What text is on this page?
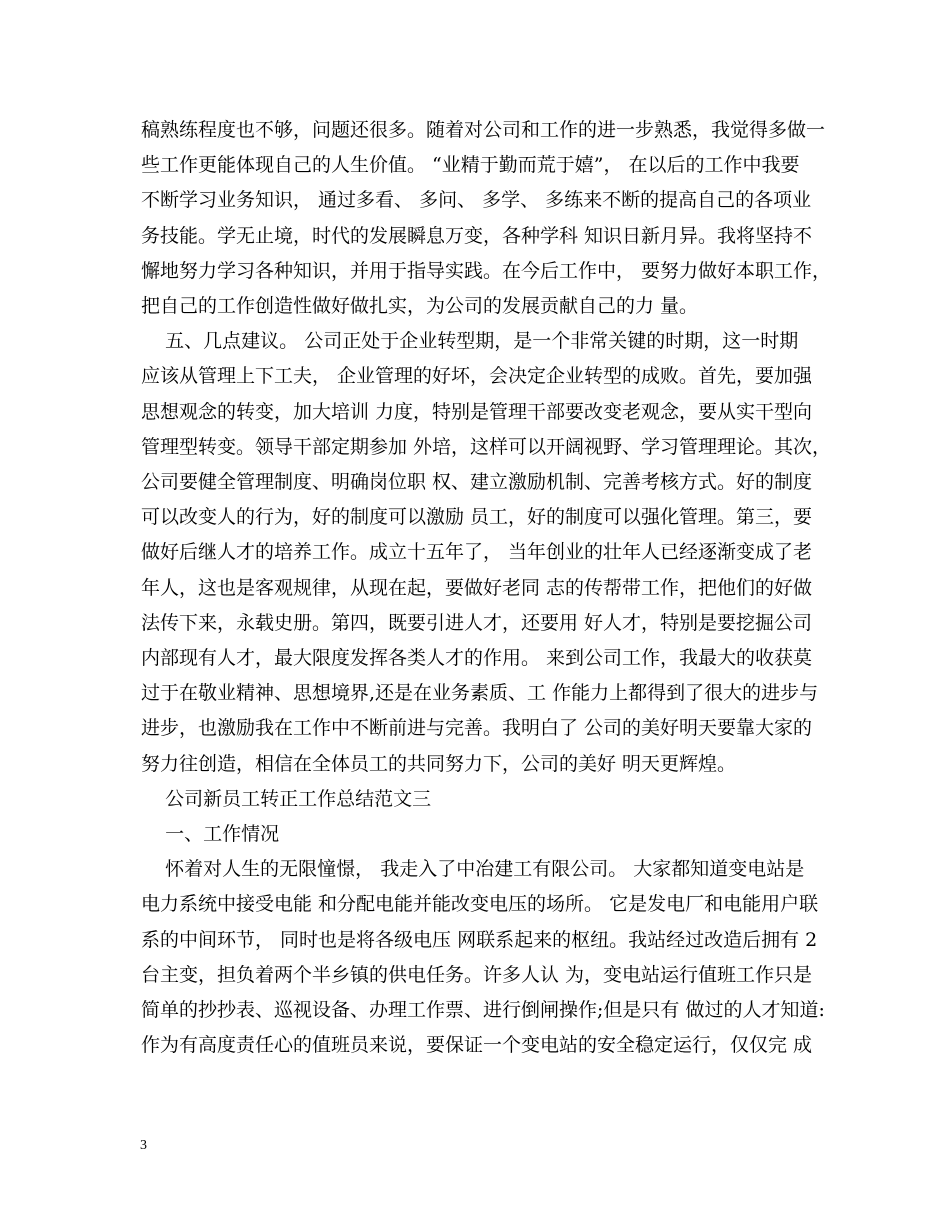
稿熟练程度也不够，问题还很多。随着对公司和工作的进一步熟悉，我觉得多做一
些工作更能体现自己的人生价值。 “业精于勤而荒于嬉”， 在以后的工作中我要
不断学习业务知识， 通过多看、 多问、 多学、 多练来不断的提高自己的各项业
务技能。学无止境，时代的发展瞬息万变，各种学科 知识日新月异。我将坚持不
懈地努力学习各种知识，并用于指导实践。在今后工作中， 要努力做好本职工作，
把自己的工作创造性做好做扎实，为公司的发展贡献自己的力 量。
五、几点建议。 公司正处于企业转型期，是一个非常关键的时期，这一时期
应该从管理上下工夫， 企业管理的好坏，会决定企业转型的成败。首先，要加强
思想观念的转变，加大培训 力度，特别是管理干部要改变老观念，要从实干型向
管理型转变。领导干部定期参加 外培，这样可以开阔视野、学习管理理论。其次，
公司要健全管理制度、明确岗位职 权、建立激励机制、完善考核方式。好的制度
可以改变人的行为，好的制度可以激励 员工，好的制度可以强化管理。第三，要
做好后继人才的培养工作。成立十五年了， 当年创业的壮年人已经逐渐变成了老
年人，这也是客观规律，从现在起，要做好老同 志的传帮带工作，把他们的好做
法传下来，永载史册。第四，既要引进人才，还要用 好人才，特别是要挖掘公司
内部现有人才，最大限度发挥各类人才的作用。 来到公司工作，我最大的收获莫
过于在敬业精神、思想境界,还是在业务素质、工 作能力上都得到了很大的进步与
进步，也激励我在工作中不断前进与完善。我明白了 公司的美好明天要靠大家的
努力往创造，相信在全体员工的共同努力下，公司的美好 明天更辉煌。
公司新员工转正工作总结范文三
一、工作情况
怀着对人生的无限憧憬， 我走入了中冶建工有限公司。 大家都知道变电站是
电力系统中接受电能 和分配电能并能改变电压的场所。 它是发电厂和电能用户联
系的中间环节， 同时也是将各级电压 网联系起来的枢纽。我站经过改造后拥有 2
台主变，担负着两个半乡镇的供电任务。许多人认 为，变电站运行值班工作只是
简单的抄抄表、巡视设备、办理工作票、进行倒闸操作;但是只有 做过的人才知道:
作为有高度责任心的值班员来说，要保证一个变电站的安全稳定运行，仅仅完 成
3
